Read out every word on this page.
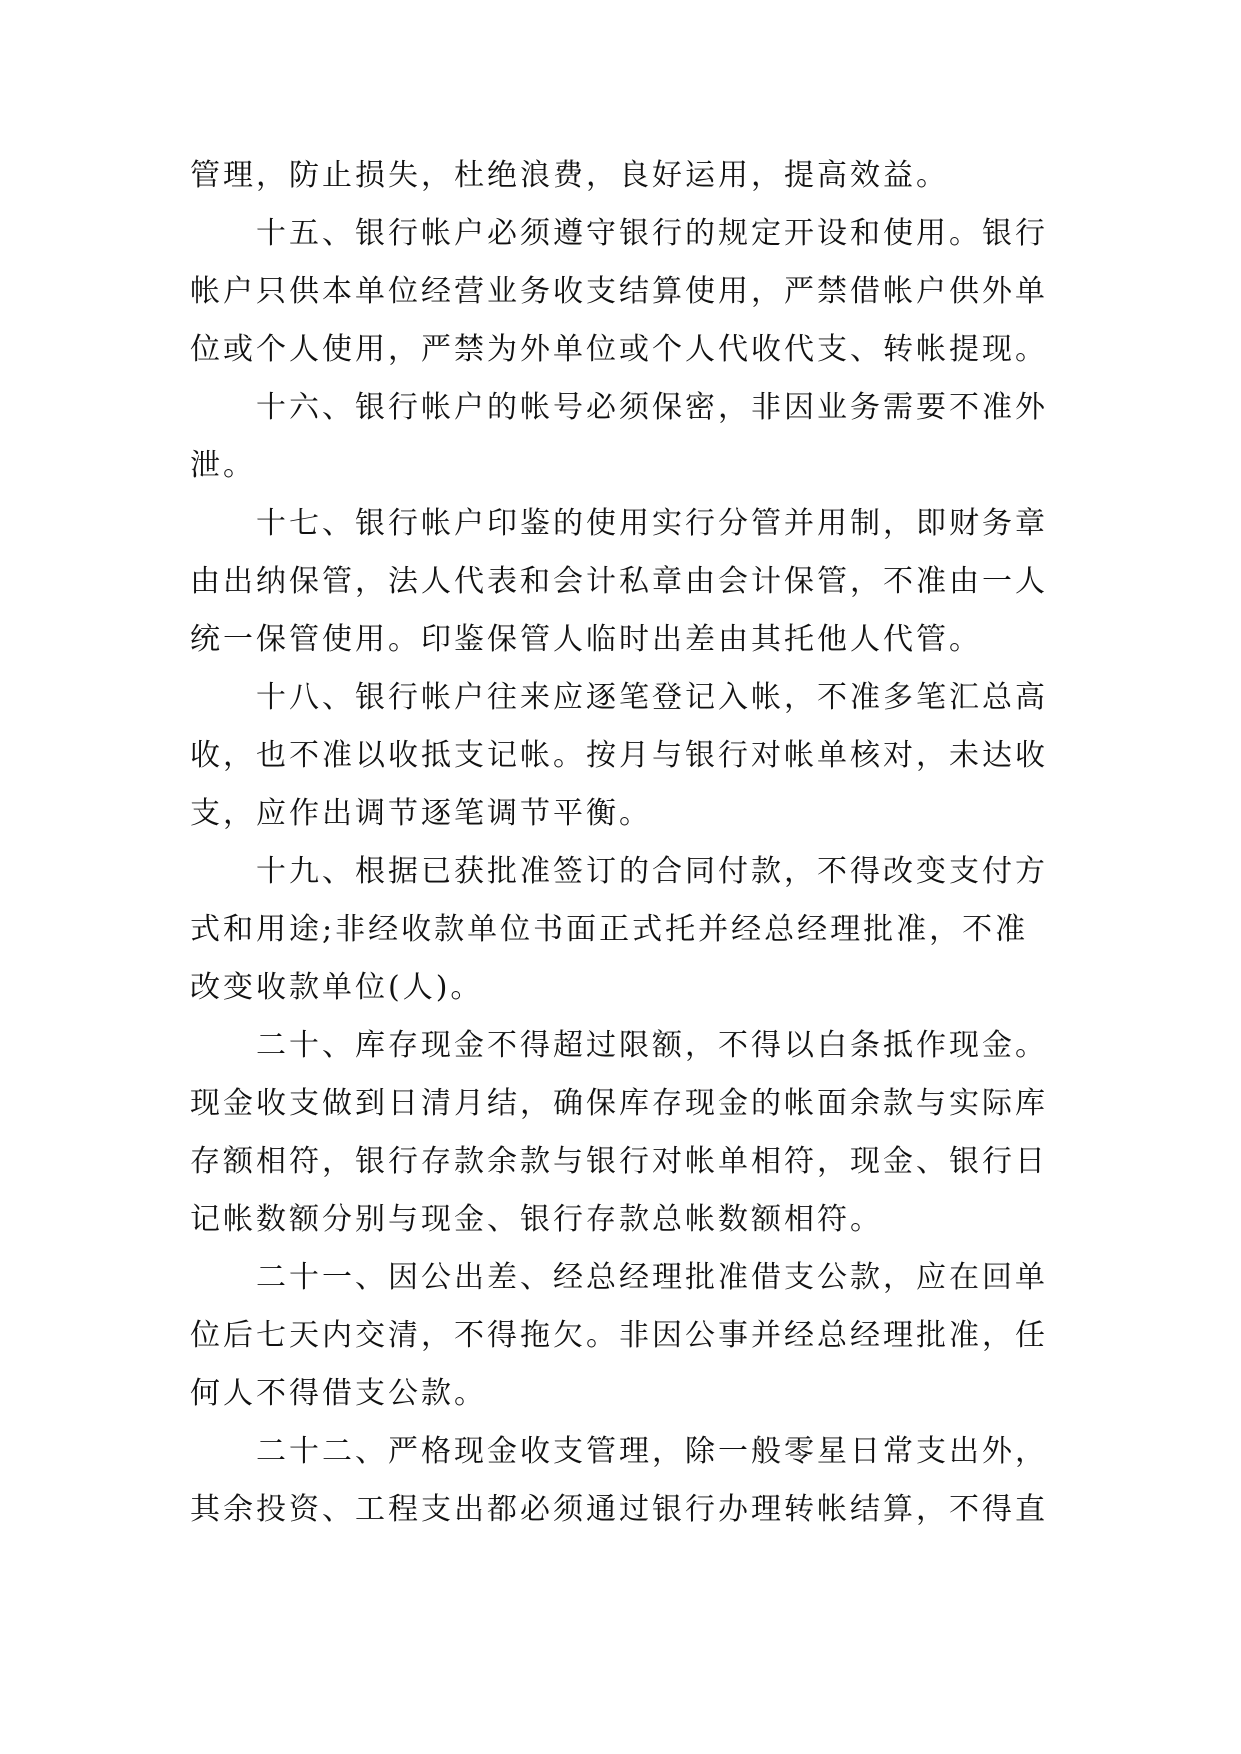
管理，防止损失，杜绝浪费，良好运用，提高效益。
十五、银行帐户必须遵守银行的规定开设和使用。银行
帐户只供本单位经营业务收支结算使用，严禁借帐户供外单
位或个人使用，严禁为外单位或个人代收代支、转帐提现。
十六、银行帐户的帐号必须保密，非因业务需要不准外
泄。
十七、银行帐户印鉴的使用实行分管并用制，即财务章
由出纳保管，法人代表和会计私章由会计保管，不准由一人
统一保管使用。印鉴保管人临时出差由其托他人代管。
十八、银行帐户往来应逐笔登记入帐，不准多笔汇总高
收，也不准以收抵支记帐。按月与银行对帐单核对，未达收
支，应作出调节逐笔调节平衡。
十九、根据已获批准签订的合同付款，不得改变支付方
式和用途;非经收款单位书面正式托并经总经理批准，不准
改变收款单位(人)。
二十、库存现金不得超过限额，不得以白条抵作现金。
现金收支做到日清月结，确保库存现金的帐面余款与实际库
存额相符，银行存款余款与银行对帐单相符，现金、银行日
记帐数额分别与现金、银行存款总帐数额相符。
二十一、因公出差、经总经理批准借支公款，应在回单
位后七天内交清，不得拖欠。非因公事并经总经理批准，任
何人不得借支公款。
二十二、严格现金收支管理，除一般零星日常支出外，
其余投资、工程支出都必须通过银行办理转帐结算，不得直
